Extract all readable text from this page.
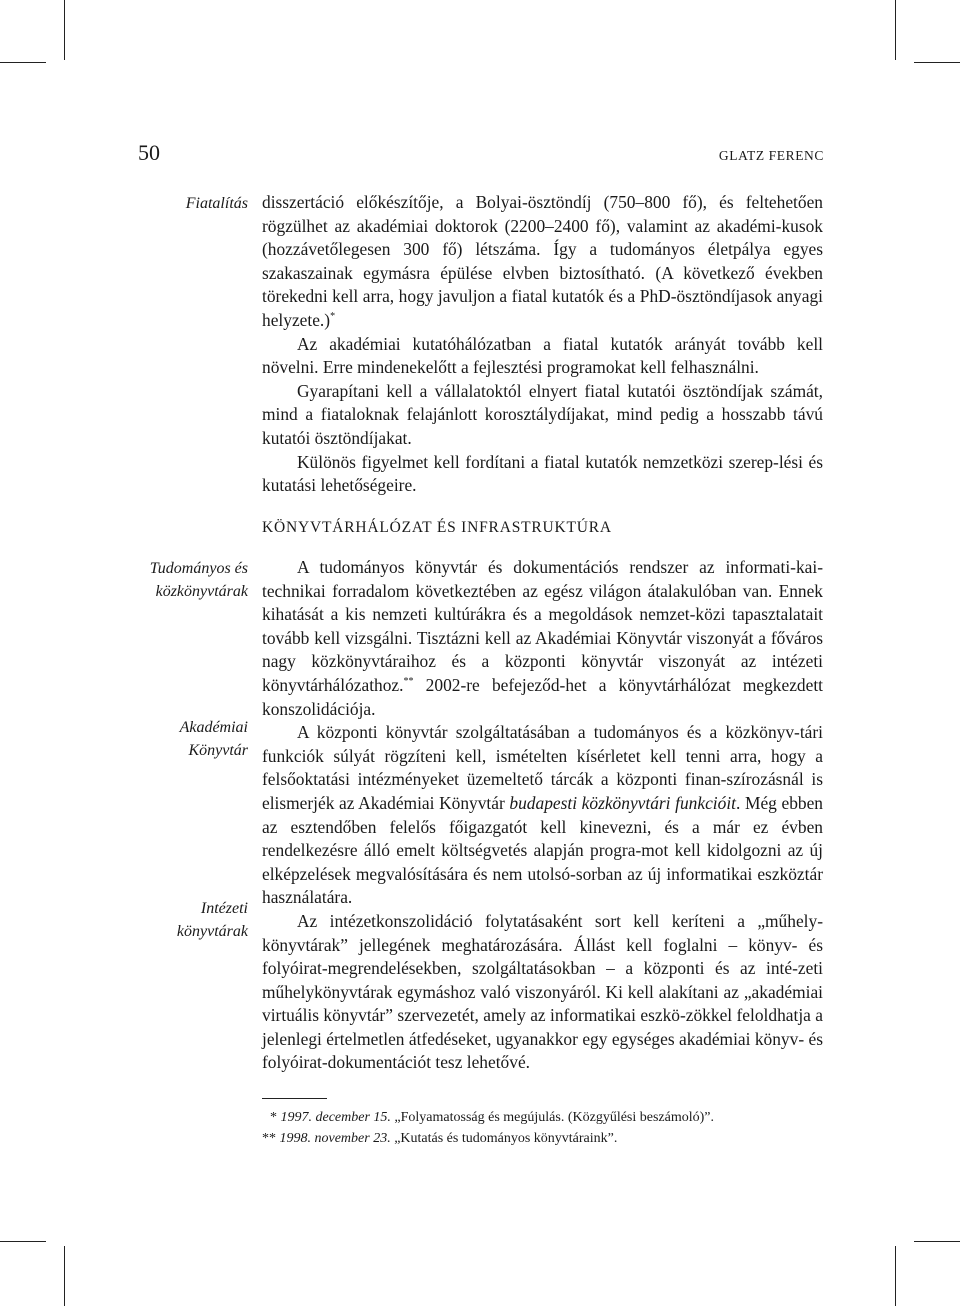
50	GLATZ FERENC

Fiatalítás

Tudományos és
közkönyvtárak

Akadémiai
Könyvtár

Intézeti
könyvtárak

disszertáció előkészítője, a Bolyai-ösztöndíj (750–800 fő), és feltehetően rögzülhet az akadémiai doktorok (2200–2400 fő), valamint az akadémi-kusok (hozzávetőlegesen 300 fő) létszáma. Így a tudományos életpálya egyes szakaszainak egymásra épülése elvben biztosítható. (A következő években törekedni kell arra, hogy javuljon a fiatal kutatók és a PhD-ösztöndíjasok anyagi helyzete.)*

Az akadémiai kutatóhálózatban a fiatal kutatók arányát tovább kell növelni. Erre mindenekelőtt a fejlesztési programokat kell felhasználni.

Gyarapítani kell a vállalatoktól elnyert fiatal kutatói ösztöndíjak számát, mind a fiataloknak felajánlott korosztálydíjakat, mind pedig a hosszabb távú kutatói ösztöndíjakat.

Különös figyelmet kell fordítani a fiatal kutatók nemzetközi szerep-lési és kutatási lehetőségeire.

KÖNYVTÁRHÁLÓZAT ÉS INFRASTRUKTÚRA

A tudományos könyvtár és dokumentációs rendszer az informati-kai-technikai forradalom következtében az egész világon átalakulóban van. Ennek kihatását a kis nemzeti kultúrákra és a megoldások nemzet-közi tapasztalatait tovább kell vizsgálni. Tisztázni kell az Akadémiai Könyvtár viszonyát a főváros nagy közkönyvtáraihoz és a központi könyvtár viszonyát az intézeti könyvtárhálózathoz.** 2002-re befejeződ-het a könyvtárhálózat megkezdett konszolidációja.

A központi könyvtár szolgáltatásában a tudományos és a közkönyv-tári funkciók súlyát rögzíteni kell, ismételten kísérletet kell tenni arra, hogy a felsőoktatási intézményeket üzemeltető tárcák a központi finan-szírozásnál is elismerjék az Akadémiai Könyvtár budapesti közkönyvtári funkcióit. Még ebben az esztendőben felelős főigazgatót kell kinevezni, és a már ez évben rendelkezésre álló emelt költségvetés alapján progra-mot kell kidolgozni az új elképzelések megvalósítására és nem utolsó-sorban az új informatikai eszköztár használatára.

Az intézetkonszolidáció folytatásaként sort kell keríteni a „műhely-könyvtárak” jellegének meghatározására. Állást kell foglalni – könyv- és folyóirat-megrendelésekben, szolgáltatásokban – a központi és az inté-zeti műhelykönyvtárak egymáshoz való viszonyáról. Ki kell alakítani az „akadémiai virtuális könyvtár” szervezetét, amely az informatikai eszkö-zökkel feloldhatja a jelenlegi értelmetlen átfedéseket, ugyanakkor egy egységes akadémiai könyv- és folyóirat-dokumentációt tesz lehetővé.

* 1997. december 15. „Folyamatosság és megújulás. (Közgyűlési beszámoló)”.

** 1998. november 23. „Kutatás és tudományos könyvtáraink”.
